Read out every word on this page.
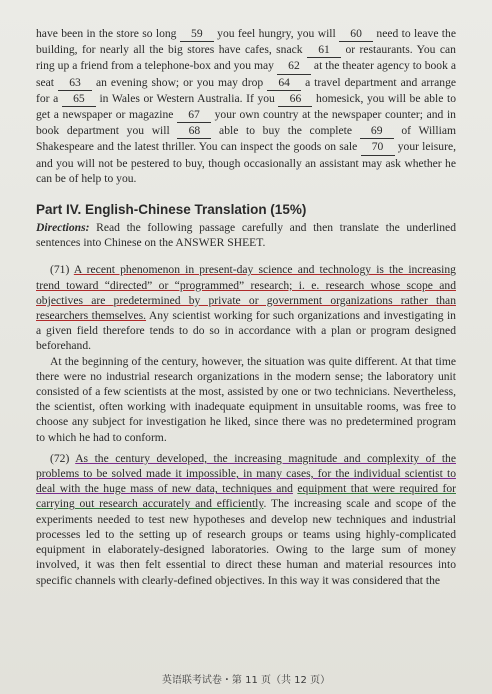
have been in the store so long 59 you feel hungry, you will 60 need to leave the building, for nearly all the big stores have cafes, snack 61 or restaurants. You can ring up a friend from a telephone-box and you may 62 at the theater agency to book a seat 63 an evening show; or you may drop 64 a travel department and arrange for a 65 in Wales or Western Australia. If you 66 homesick, you will be able to get a newspaper or magazine 67 your own country at the newspaper counter; and in book department you will 68 able to buy the complete 69 of William Shakespeare and the latest thriller. You can inspect the goods on sale 70 your leisure, and you will not be pestered to buy, though occasionally an assistant may ask whether he can be of help to you.

Part IV. English-Chinese Translation (15%)

Directions: Read the following passage carefully and then translate the underlined sentences into Chinese on the ANSWER SHEET.

(71) A recent phenomenon in present-day science and technology is the increasing trend toward “directed” or “programmed” research; i. e. research whose scope and objectives are predetermined by private or government organizations rather than researchers themselves. Any scientist working for such organizations and investigating in a given field therefore tends to do so in accordance with a plan or program designed beforehand.

At the beginning of the century, however, the situation was quite different. At that time there were no industrial research organizations in the modern sense; the laboratory unit consisted of a few scientists at the most, assisted by one or two technicians. Nevertheless, the scientist, often working with inadequate equipment in unsuitable rooms, was free to choose any subject for investigation he liked, since there was no predetermined program to which he had to conform.

(72) As the century developed, the increasing magnitude and complexity of the problems to be solved made it impossible, in many cases, for the individual scientist to deal with the huge mass of new data, techniques and equipment that were required for carrying out research accurately and efficiently. The increasing scale and scope of the experiments needed to test new hypotheses and develop new techniques and industrial processes led to the setting up of research groups or teams using highly-complicated equipment in elaborately-designed laboratories. Owing to the large sum of money involved, it was then felt essential to direct these human and material resources into specific channels with clearly-defined objectives. In this way it was considered that the

英语联考试卷・第 11 页（共 12 页）
